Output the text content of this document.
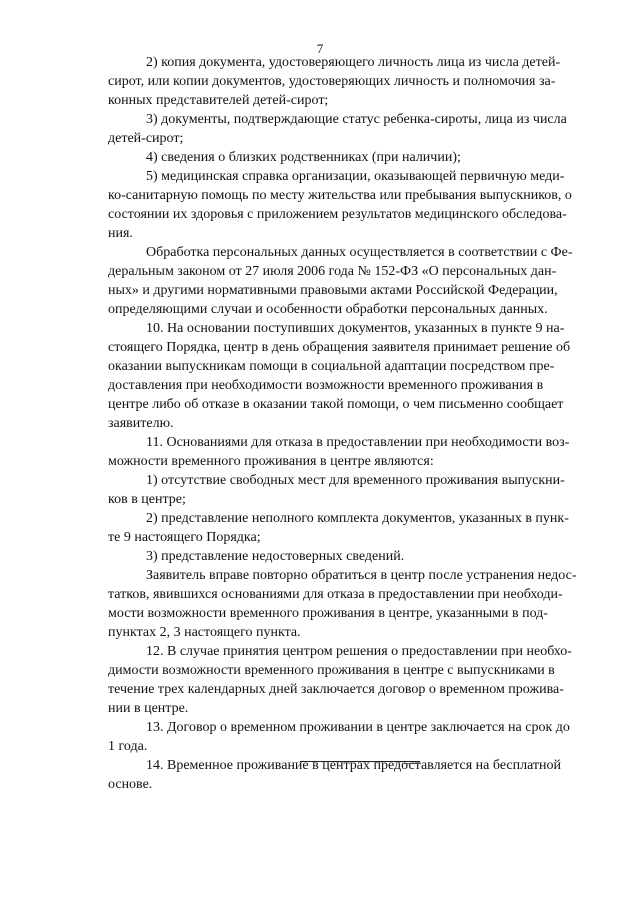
7

2) копия документа, удостоверяющего личность лица из числа детей-
сирот, или копии документов, удостоверяющих личность и полномочия за-
конных представителей детей-сирот;

3) документы, подтверждающие статус ребенка-сироты, лица из числа
детей-сирот;

4) сведения о близких родственниках (при наличии);

5) медицинская справка организации, оказывающей первичную меди-
ко-санитарную помощь по месту жительства или пребывания выпускников, о
состоянии их здоровья с приложением результатов медицинского обследова-
ния.

Обработка персональных данных осуществляется в соответствии с Фе-
деральным законом от 27 июля 2006 года № 152-ФЗ «О персональных дан-
ных» и другими нормативными правовыми актами Российской Федерации,
определяющими случаи и особенности обработки персональных данных.

10. На основании поступивших документов, указанных в пункте 9 на-
стоящего Порядка, центр в день обращения заявителя принимает решение об
оказании выпускникам помощи в социальной адаптации посредством пре-
доставления при необходимости возможности временного проживания в
центре либо об отказе в оказании такой помощи, о чем письменно сообщает
заявителю.

11. Основаниями для отказа в предоставлении при необходимости воз-
можности временного проживания в центре являются:

1) отсутствие свободных мест для временного проживания выпускни-
ков в центре;

2) представление неполного комплекта документов, указанных в пунк-
те 9 настоящего Порядка;

3) представление недостоверных сведений.

Заявитель вправе повторно обратиться в центр после устранения недос-
татков, явившихся основаниями для отказа в предоставлении при необходи-
мости возможности временного проживания в центре, указанными в под-
пунктах 2, 3 настоящего пункта.

12. В случае принятия центром решения о предоставлении при необхо-
димости возможности временного проживания в центре с выпускниками в
течение трех календарных дней заключается договор о временном прожива-
нии в центре.

13. Договор о временном проживании в центре заключается на срок до
1 года.

14. Временное проживание в центрах предоставляется на бесплатной
основе.
